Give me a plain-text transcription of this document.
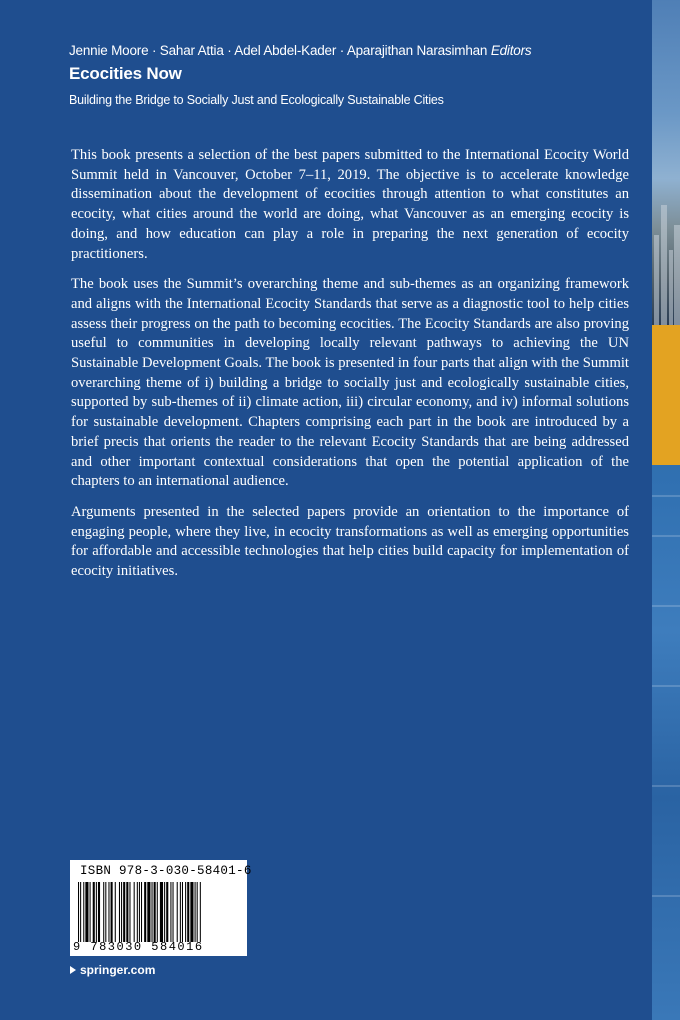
Jennie Moore · Sahar Attia · Adel Abdel-Kader · Aparajithan Narasimhan Editors
Ecocities Now
Building the Bridge to Socially Just and Ecologically Sustainable Cities

This book presents a selection of the best papers submitted to the International Ecocity World Summit held in Vancouver, October 7–11, 2019. The objective is to accelerate knowledge dissemination about the development of ecocities through attention to what constitutes an ecocity, what cities around the world are doing, what Vancouver as an emerging ecocity is doing, and how education can play a role in preparing the next generation of ecocity practitioners.

The book uses the Summit’s overarching theme and sub-themes as an organizing framework and aligns with the International Ecocity Standards that serve as a diagnostic tool to help cities assess their progress on the path to becoming ecocities. The Ecocity Standards are also proving useful to communities in developing locally relevant pathways to achieving the UN Sustainable Development Goals. The book is presented in four parts that align with the Summit overarching theme of i) building a bridge to socially just and ecologically sustainable cities, supported by sub-themes of ii) climate action, iii) circular economy, and iv) informal solutions for sustainable development. Chapters comprising each part in the book are introduced by a brief precis that orients the reader to the relevant Ecocity Standards that are being addressed and other important contextual considerations that open the potential application of the chapters to an international audience.

Arguments presented in the selected papers provide an orientation to the importance of engaging people, where they live, in ecocity transformations as well as emerging opportunities for affordable and accessible technologies that help cities build capacity for implementation of ecocity initiatives.

ISBN 978-3-030-58401-6
9 783030 584016
springer.com
